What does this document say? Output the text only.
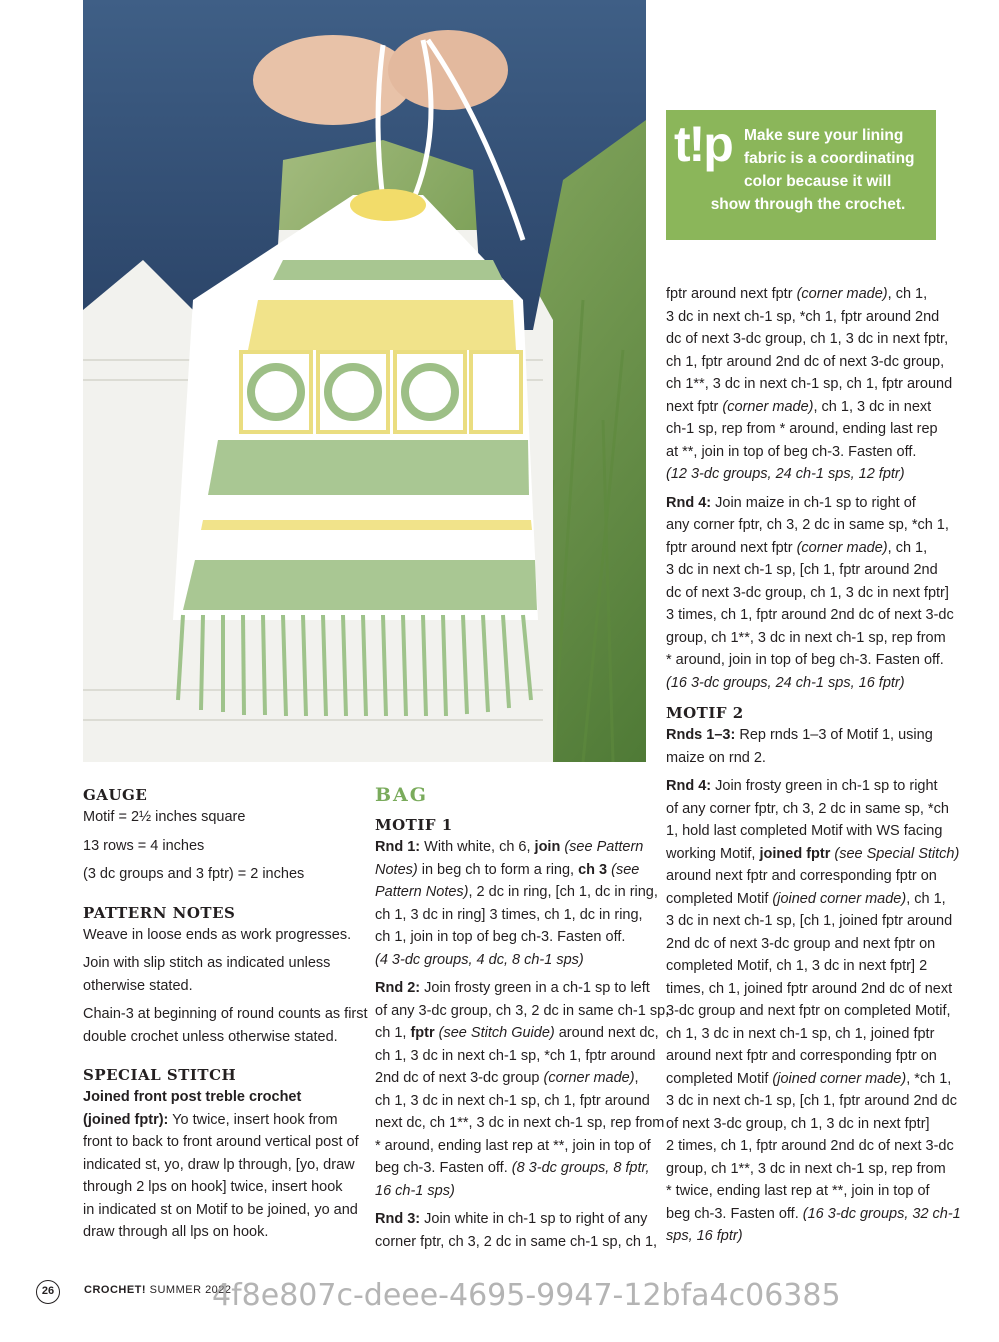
t!p Make sure your lining
fabric is a coordinating
color because it will
show through the crochet.
GAUGE

Motif = 2½ inches square

13 rows = 4 inches

(3 dc groups and 3 fptr) = 2 inches

PATTERN NOTES

Weave in loose ends as work progresses.

Join with slip stitch as indicated unless
otherwise stated.

Chain-3 at beginning of round counts as first
double crochet unless otherwise stated.

SPECIAL STITCH

Joined front post treble crochet
(joined fptr): Yo twice, insert hook from
front to back to front around vertical post of
indicated st, yo, draw lp through, [yo, draw
through 2 lps on hook] twice, insert hook
in indicated st on Motif to be joined, yo and
draw through all lps on hook.

BAG
MOTIF 1

Rnd 1: With white, ch 6, join (see Pattern
Notes) in beg ch to form a ring, ch 3 (see
Pattern Notes), 2 dc in ring, [ch 1, dc in ring,
ch 1, 3 dc in ring] 3 times, ch 1, dc in ring,
ch 1, join in top of beg ch-3. Fasten off.
(4 3-dc groups, 4 dc, 8 ch-1 sps)

Rnd 2: Join frosty green in a ch-1 sp to left
of any 3-dc group, ch 3, 2 dc in same ch-1 sp,
ch 1, fptr (see Stitch Guide) around next dc,
ch 1, 3 dc in next ch-1 sp, *ch 1, fptr around
2nd dc of next 3-dc group (corner made),
ch 1, 3 dc in next ch-1 sp, ch 1, fptr around
next dc, ch 1**, 3 dc in next ch-1 sp, rep from
* around, ending last rep at **, join in top of
beg ch-3. Fasten off. (8 3-dc groups, 8 fptr,
16 ch-1 sps)

Rnd 3: Join white in ch-1 sp to right of any
corner fptr, ch 3, 2 dc in same ch-1 sp, ch 1,

fptr around next fptr (corner made), ch 1,
3 dc in next ch-1 sp, *ch 1, fptr around 2nd
dc of next 3-dc group, ch 1, 3 dc in next fptr,
ch 1, fptr around 2nd dc of next 3-dc group,
ch 1**, 3 dc in next ch-1 sp, ch 1, fptr around
next fptr (corner made), ch 1, 3 dc in next
ch-1 sp, rep from * around, ending last rep
at **, join in top of beg ch-3. Fasten off.
(12 3-dc groups, 24 ch-1 sps, 12 fptr)

Rnd 4: Join maize in ch-1 sp to right of
any corner fptr, ch 3, 2 dc in same sp, *ch 1,
fptr around next fptr (corner made), ch 1,
3 dc in next ch-1 sp, [ch 1, fptr around 2nd
dc of next 3-dc group, ch 1, 3 dc in next fptr]
3 times, ch 1, fptr around 2nd dc of next 3-dc
group, ch 1**, 3 dc in next ch-1 sp, rep from
* around, join in top of beg ch-3. Fasten off.
(16 3-dc groups, 24 ch-1 sps, 16 fptr)

MOTIF 2

Rnds 1–3: Rep rnds 1–3 of Motif 1, using
maize on rnd 2.

Rnd 4: Join frosty green in ch-1 sp to right
of any corner fptr, ch 3, 2 dc in same sp, *ch
1, hold last completed Motif with WS facing
working Motif, joined fptr (see Special Stitch)
around next fptr and corresponding fptr on
completed Motif (joined corner made), ch 1,
3 dc in next ch-1 sp, [ch 1, joined fptr around
2nd dc of next 3-dc group and next fptr on
completed Motif, ch 1, 3 dc in next fptr] 2
times, ch 1, joined fptr around 2nd dc of next
3-dc group and next fptr on completed Motif,
ch 1, 3 dc in next ch-1 sp, ch 1, joined fptr
around next fptr and corresponding fptr on
completed Motif (joined corner made), *ch 1,
3 dc in next ch-1 sp, [ch 1, fptr around 2nd dc
of next 3-dc group, ch 1, 3 dc in next fptr]
2 times, ch 1, fptr around 2nd dc of next 3-dc
group, ch 1**, 3 dc in next ch-1 sp, rep from
* twice, ending last rep at **, join in top of
beg ch-3. Fasten off. (16 3-dc groups, 32 ch-1
sps, 16 fptr)

26	CROCHET! SUMMER 2022
4f8e807c-deee-4695-9947-12bfa4c06385
